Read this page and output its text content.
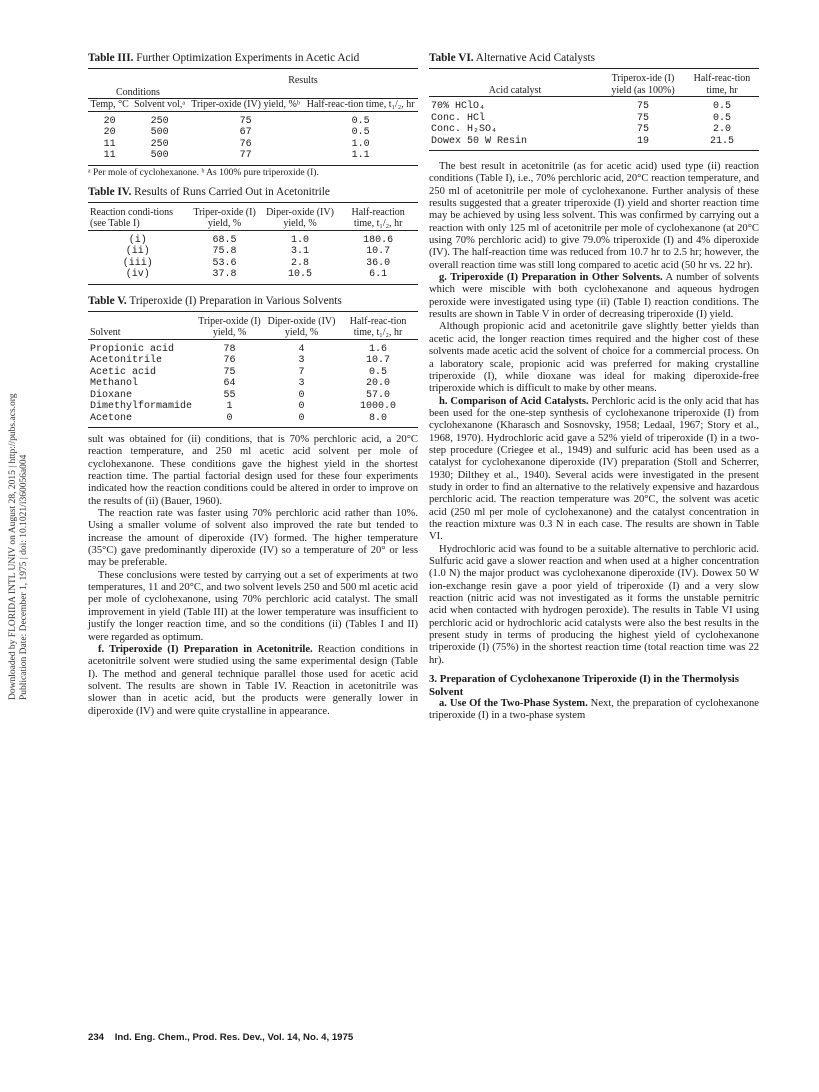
Downloaded by FLORIDA INTL UNIV on August 28, 2015 | http://pubs.acs.org Publication Date: December 1, 1975 | doi: 10.1021/i360056a004
Table III. Further Optimization Experiments in Acetic Acid
		Results	
Conditions			
Temp, °C	Solvent vol,ᵃ	Triper-oxide (IV) yield, %ᵇ	Half-reac-tion time, t₁/₂, hr
20	250	75	0.5
20	500	67	0.5
11	250	76	1.0
11	500	77	1.1
ᵃ Per mole of cyclohexanone. ᵇ As 100% pure triperoxide (I).
Table IV. Results of Runs Carried Out in Acetonitrile
Reaction condi-tions (see Table I)	Triper-oxide (I) yield, %	Diper-oxide (IV) yield, %	Half-reaction time, t₁/₂, hr
(i)	68.5	1.0	180.6
(ii)	75.8	3.1	10.7
(iii)	53.6	2.8	36.0
(iv)	37.8	10.5	6.1
Table V. Triperoxide (I) Preparation in Various Solvents
Solvent	Triper-oxide (I) yield, %	Diper-oxide (IV) yield, %	Half-reac-tion time, t₁/₂, hr
Propionic acid	78	4	1.6
Acetonitrile	76	3	10.7
Acetic acid	75	7	0.5
Methanol	64	3	20.0
Dioxane	55	0	57.0
Dimethylformamide	1	0	1000.0
Acetone	0	0	8.0

sult was obtained for (ii) conditions, that is 70% perchloric acid, a 20°C reaction temperature, and 250 ml acetic acid solvent per mole of cyclohexanone. These conditions gave the highest yield in the shortest reaction time. The partial factorial design used for these four experiments indicated how the reaction conditions could be altered in order to improve on the results of (ii) (Bauer, 1960).

The reaction rate was faster using 70% perchloric acid rather than 10%. Using a smaller volume of solvent also improved the rate but tended to increase the amount of diperoxide (IV) formed. The higher temperature (35°C) gave predominantly diperoxide (IV) so a temperature of 20° or less may be preferable.

These conclusions were tested by carrying out a set of experiments at two temperatures, 11 and 20°C, and two solvent levels 250 and 500 ml acetic acid per mole of cyclohexanone, using 70% perchloric acid catalyst. The small improvement in yield (Table III) at the lower temperature was insufficient to justify the longer reaction time, and so the conditions (ii) (Tables I and II) were regarded as optimum.

f. Triperoxide (I) Preparation in Acetonitrile. Reaction conditions in acetonitrile solvent were studied using the same experimental design (Table I). The method and general technique parallel those used for acetic acid solvent. The results are shown in Table IV. Reaction in acetonitrile was slower than in acetic acid, but the products were generally lower in diperoxide (IV) and were quite crystalline in appearance.

Table VI. Alternative Acid Catalysts
Acid catalyst	Triperox-ide (I) yield (as 100%)	Half-reac-tion time, hr
70% HClO₄	75	0.5
Conc. HCl	75	0.5
Conc. H₂SO₄	75	2.0
Dowex 50 W Resin	19	21.5

The best result in acetonitrile (as for acetic acid) used type (ii) reaction conditions (Table I), i.e., 70% perchloric acid, 20°C reaction temperature, and 250 ml of acetonitrile per mole of cyclohexanone. Further analysis of these results suggested that a greater triperoxide (I) yield and shorter reaction time may be achieved by using less solvent. This was confirmed by carrying out a reaction with only 125 ml of acetonitrile per mole of cyclohexanone (at 20°C using 70% perchloric acid) to give 79.0% triperoxide (I) and 4% diperoxide (IV). The half-reaction time was reduced from 10.7 hr to 2.5 hr; however, the overall reaction time was still long compared to acetic acid (50 hr vs. 22 hr).

g. Triperoxide (I) Preparation in Other Solvents. A number of solvents which were miscible with both cyclohexanone and aqueous hydrogen peroxide were investigated using type (ii) (Table I) reaction conditions. The results are shown in Table V in order of decreasing triperoxide (I) yield.

Although propionic acid and acetonitrile gave slightly better yields than acetic acid, the longer reaction times required and the higher cost of these solvents made acetic acid the solvent of choice for a commercial process. On a laboratory scale, propionic acid was preferred for making crystalline triperoxide (I), while dioxane was ideal for making diperoxide-free triperoxide which is difficult to make by other means.

h. Comparison of Acid Catalysts. Perchloric acid is the only acid that has been used for the one-step synthesis of cyclohexanone triperoxide (I) from cyclohexanone (Kharasch and Sosnovsky, 1958; Ledaal, 1967; Story et al., 1968, 1970). Hydrochloric acid gave a 52% yield of triperoxide (I) in a two-step procedure (Criegee et al., 1949) and sulfuric acid has been used as a catalyst for cyclohexanone diperoxide (IV) preparation (Stoll and Scherrer, 1930; Dilthey et al., 1940). Several acids were investigated in the present study in order to find an alternative to the relatively expensive and hazardous perchloric acid. The reaction temperature was 20°C, the solvent was acetic acid (250 ml per mole of cyclohexanone) and the catalyst concentration in the reaction mixture was 0.3 N in each case. The results are shown in Table VI.

Hydrochloric acid was found to be a suitable alternative to perchloric acid. Sulfuric acid gave a slower reaction and when used at a higher concentration (1.0 N) the major product was cyclohexanone diperoxide (IV). Dowex 50 W ion-exchange resin gave a poor yield of triperoxide (I) and a very slow reaction (nitric acid was not investigated as it forms the unstable pernitric acid when contacted with hydrogen peroxide). The results in Table VI using perchloric acid or hydrochloric acid catalysts were also the best results in the present study in terms of producing the highest yield of cyclohexanone triperoxide (I) (75%) in the shortest reaction time (total reaction time was 22 hr).

3. Preparation of Cyclohexanone Triperoxide (I) in the Thermolysis Solvent

a. Use Of the Two-Phase System. Next, the preparation of cyclohexanone triperoxide (I) in a two-phase system

234 Ind. Eng. Chem., Prod. Res. Dev., Vol. 14, No. 4, 1975
